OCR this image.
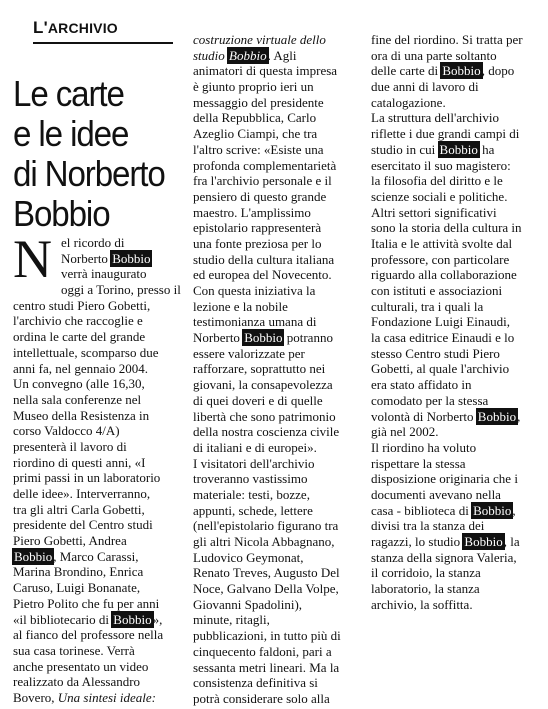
L'ARCHIVIO
Le carte
e le idee
di Norberto
Bobbio
N el ricordo di
Norberto Bobbio
verrà inaugurato
oggi a Torino, presso il
centro studi Piero Gobetti,
l'archivio che raccoglie e
ordina le carte del grande
intellettuale, scomparso due
anni fa, nel gennaio 2004.
Un convegno (alle 16,30,
nella sala conferenze nel
Museo della Resistenza in
corso Valdocco 4/A)
presenterà il lavoro di
riordino di questi anni, «I
primi passi in un laboratorio
delle idee». Interverranno,
tra gli altri Carla Gobetti,
presidente del Centro studi
Piero Gobetti, Andrea
Bobbio, Marco Carassi,
Marina Brondino, Enrica
Caruso, Luigi Bonanate,
Pietro Polito che fu per anni
«il bibliotecario di Bobbio»,
al fianco del professore nella
sua casa torinese. Verrà
anche presentato un video
realizzato da Alessandro
Bovero, Una sintesi ideale:
costruzione virtuale dello
studio Bobbio. Agli
animatori di questa impresa
è giunto proprio ieri un
messaggio del presidente
della Repubblica, Carlo
Azeglio Ciampi, che tra
l'altro scrive: «Esiste una
profonda complementarietà
fra l'archivio personale e il
pensiero di questo grande
maestro. L'amplissimo
epistolario rappresenterà
una fonte preziosa per lo
studio della cultura italiana
ed europea del Novecento.
Con questa iniziativa la
lezione e la nobile
testimonianza umana di
Norberto Bobbio potranno
essere valorizzate per
rafforzare, soprattutto nei
giovani, la consapevolezza
di quei doveri e di quelle
libertà che sono patrimonio
della nostra coscienza civile
di italiani e di europei».
I visitatori dell'archivio
troveranno vastissimo
materiale: testi, bozze,
appunti, schede, lettere
(nell'epistolario figurano tra
gli altri Nicola Abbagnano,
Ludovico Geymonat,
Renato Treves, Augusto Del
Noce, Galvano Della Volpe,
Giovanni Spadolini),
minute, ritagli,
pubblicazioni, in tutto più di
cinquecento faldoni, pari a
sessanta metri lineari. Ma la
consistenza definitiva si
potrà considerare solo alla
fine del riordino. Si tratta per
ora di una parte soltanto
delle carte di Bobbio, dopo
due anni di lavoro di
catalogazione.
La struttura dell'archivio
riflette i due grandi campi di
studio in cui Bobbio ha
esercitato il suo magistero:
la filosofia del diritto e le
scienze sociali e politiche.
Altri settori significativi
sono la storia della cultura in
Italia e le attività svolte dal
professore, con particolare
riguardo alla collaborazione
con istituti e associazioni
culturali, tra i quali la
Fondazione Luigi Einaudi,
la casa editrice Einaudi e lo
stesso Centro studi Piero
Gobetti, al quale l'archivio
era stato affidato in
comodato per la stessa
volontà di Norberto Bobbio,
già nel 2002.
Il riordino ha voluto
rispettare la stessa
disposizione originaria che i
documenti avevano nella
casa - biblioteca di Bobbio,
divisi tra la stanza dei
ragazzi, lo studio Bobbio, la
stanza della signora Valeria,
il corridoio, la stanza
laboratorio, la stanza
archivio, la soffitta.
